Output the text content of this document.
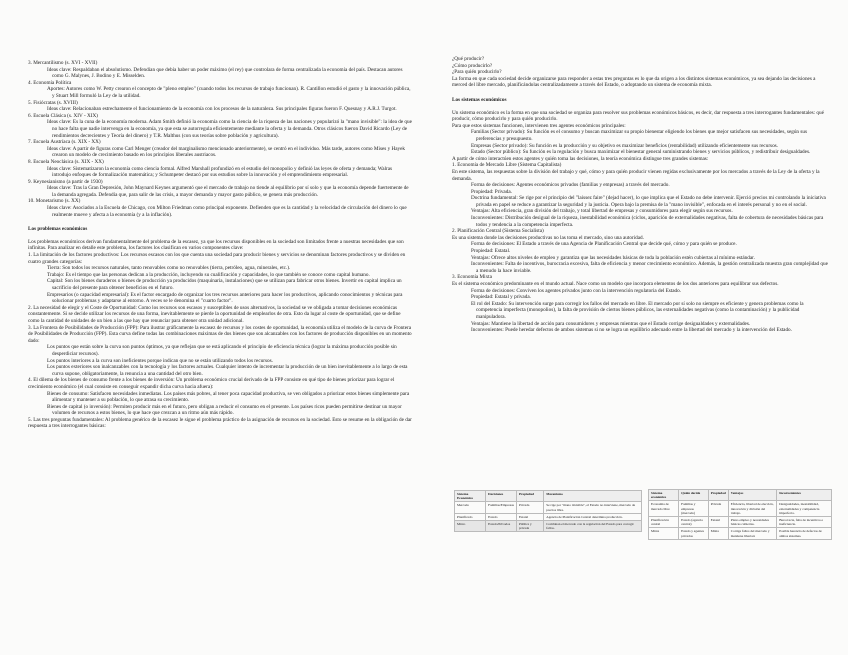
3. Mercantilismo (s. XVI - XVII)

Ideas clave: Respaldaban el absolutismo. Defendían que debía haber un poder máximo (el rey) que controlara de forma centralizada la economía del país. Destacan autores como G. Malynes, J. Bodino y E. Misselden.

4. Economía Política

Aportes: Autores como W. Petty crearon el concepto de "pleno empleo" (cuando todos los recursos de trabajo funcionan). R. Cantillon estudió el gasto y la innovación pública, y Stuart Mill formuló la Ley de la utilidad.

5. Fisiócratas (s. XVIII)

Ideas clave: Relacionaban estrechamente el funcionamiento de la economía con los procesos de la naturaleza. Sus principales figuras fueron F. Quesnay y A.R.J. Turgot.

6. Escuela Clásica (s. XIV - XIX)

Ideas clave: Es la cuna de la economía moderna. Adam Smith definió la economía como la ciencia de la riqueza de las naciones y popularizó la "mano invisible": la idea de que no hace falta que nadie intervenga en la economía, ya que esta se autorregula eficientemente mediante la oferta y la demanda. Otros clásicos fueron David Ricardo (Ley de rendimientos decrecientes y Teoría del dinero) y T.R. Malthus (con sus teorías sobre población y agricultura).

7. Escuela Austríaca (s. XIX - XX)

Ideas clave: A partir de figuras como Carl Menger (creador del marginalismo mencionado anteriormente), se centró en el individuo. Más tarde, autores como Mises y Hayek crearon un modelo de crecimiento basado en los principios liberales austriacos.

8. Escuela Neoclásica (s. XIX - XX)

Ideas clave: Sistematizaron la economía como ciencia formal. Alfred Marshall profundizó en el estudio del monopolio y definió las leyes de oferta y demanda; Walras introdujo enfoques de formalización matemática; y Schumpeter destacó por sus estudios sobre la innovación y el emprendimiento empresarial.

9. Keynesianismo (a partir de 1930)

Ideas clave: Tras la Gran Depresión, John Maynard Keynes argumentó que el mercado de trabajo no tiende al equilibrio por sí solo y que la economía depende fuertemente de la demanda agregada. Defendía que, para salir de las crisis, a mayor demanda y mayor gasto público, se genera más producción.

10. Monetarismo (s. XX)

Ideas clave: Asociados a la Escuela de Chicago, con Milton Friedman como principal exponente. Defienden que es la cantidad y la velocidad de circulación del dinero lo que realmente mueve y afecta a la economía (y a la inflación).

Los problemas económicos

Los problemas económicos derivan fundamentalmente del problema de la escasez, ya que los recursos disponibles en la sociedad son limitados frente a nuestras necesidades que son infinitas. Para analizar en detalle este problema, los factores los clasifican en varios componentes clave:

1. La limitación de los factores productivos: Los recursos escasos con los que cuenta una sociedad para producir bienes y servicios se denominan factores productivos y se dividen en cuatro grandes categorías:

Tierra: Son todos los recursos naturales, tanto renovables como no renovables (tierra, petróleo, agua, minerales, etc.).

Trabajo: Es el tiempo que las personas dedican a la producción, incluyendo su cualificación y capacidades, lo que también se conoce como capital humano.

Capital: Son los bienes duraderos o bienes de producción ya producidos (maquinaria, instalaciones) que se utilizan para fabricar otros bienes. Invertir en capital implica un sacrificio del presente para obtener beneficios en el futuro.

Empresarios (o capacidad empresarial): Es el factor encargado de organizar los tres recursos anteriores para hacer los productivos, aplicando conocimientos y técnicas para solucionar problemas y adaptarse al entorno. A veces se le denomina el "cuarto factor".

2. La necesidad de elegir y el Coste de Oportunidad: Como los recursos son escasos y susceptibles de usos alternativos, la sociedad se ve obligada a tomar decisiones económicas constantemente. Si se decide utilizar los recursos de una forma, inevitablemente se pierde la oportunidad de emplearlos de otra. Esto da lugar al coste de oportunidad, que se define como la cantidad de unidades de un bien a las que hay que renunciar para obtener otra unidad adicional.

3. La Frontera de Posibilidades de Producción (FPP): Para ilustrar gráficamente la escasez de recursos y los costes de oportunidad, la economía utiliza el modelo de la curva de Frontera de Posibilidades de Producción (FPP). Esta curva define todas las combinaciones máximas de dos bienes que son alcanzables con los factores de producción disponibles en un momento dado:

Los puntos que están sobre la curva son puntos óptimos, ya que reflejan que se está aplicando el principio de eficiencia técnica (lograr la máxima producción posible sin desperdiciar recursos).

Los puntos interiores a la curva son ineficientes porque indican que no se están utilizando todos los recursos.

Los puntos exteriores son inalcanzables con la tecnología y los factores actuales. Cualquier intento de incrementar la producción de un bien inevitablemente a lo largo de esta curva supone, obligatoriamente, la renuncia a una cantidad del otro bien.

4. El dilema de los bienes de consumo frente a los bienes de inversión: Un problema económico crucial derivado de la FPP consiste en qué tipo de bienes priorizar para lograr el crecimiento económico (el cual consiste en conseguir expandir dicha curva hacia afuera):

Bienes de consumo: Satisfacen necesidades inmediatas. Los países más pobres, al tener poca capacidad productiva, se ven obligados a priorizar estos bienes simplemente para alimentar y mantener a su población, lo que atrasa su crecimiento.

Bienes de capital (o inversión): Permiten producir más en el futuro, pero obligan a reducir el consumo en el presente. Los países ricos pueden permitirse destinar un mayor volumen de recursos a estos bienes, lo que hace que crezcan a un ritmo aún más rápido.

5. Las tres preguntas fundamentales: Al problema genérico de la escasez le sigue el problema práctico de la asignación de recursos en la sociedad. Esto se resume en la obligación de dar respuesta a tres interrogantes básicas:

¿Qué producir?

¿Cómo producirlo?

¿Para quién producirlo?

La forma en que cada sociedad decide organizarse para responder a estas tres preguntas es lo que da origen a los distintos sistemas económicos, ya sea dejando las decisiones a merced del libre mercado, planificándolas centralizadamente a través del Estado, o adoptando un sistema de economía mixta.

Los sistemas económicos

Un sistema económico es la forma en que una sociedad se organiza para resolver sus problemas económicos básicos, es decir, dar respuesta a tres interrogantes fundamentales: qué producir, cómo producirlo y para quién producirlo.

Para que estos sistemas funcionen, intervienen tres agentes económicos principales:

Familias (Sector privado): Su función es el consumo y buscan maximizar su propio bienestar eligiendo los bienes que mejor satisfacen sus necesidades, según sus preferencias y presupuesto.

Empresas (Sector privado): Su función es la producción y su objetivo es maximizar beneficios (rentabilidad) utilizando eficientemente sus recursos.

Estado (Sector público): Su función es la regulación y busca maximizar el bienestar general suministrando bienes y servicios públicos, y redistribuir desigualdades.

A partir de cómo interactúen estos agentes y quién toma las decisiones, la teoría económica distingue tres grandes sistemas:

1. Economía de Mercado Libre (Sistema Capitalista)

En este sistema, las respuestas sobre la división del trabajo y qué, cómo y para quién producir vienen regidas exclusivamente por los mercados a través de la Ley de la oferta y la demanda.

Forma de decisiones: Agentes económicos privados (familias y empresas) a través del mercado.

Propiedad: Privada.

Doctrina fundamental: Se rige por el principio del "laissez faire" (dejad hacer), lo que implica que el Estado no debe intervenir. Ejerció precios mi controlando la iniciativa privada en papel se reduce a garantizar la seguridad y la justicia. Opera bajo la premisa de la "mano invisible", enfocada en el interés personal y no en el social.

Ventajas: Alta eficiencia, gran división del trabajo, y total libertad de empresas y consumidores para elegir según sus recursos.

Inconvenientes: Distribución desigual de la riqueza, inestabilidad económica (ciclos, aparición de externalidades negativas, falta de cobertura de necesidades básicas para todos y tendencia a la competencia imperfecta.

2. Planificación Central (Sistema Socialista)

Es una sistema donde las decisiones productivas no las toma el mercado, sino una autoridad.

Forma de decisiones: El Estado a través de una Agencia de Planificación Central que decide qué, cómo y para quién se produce.

Propiedad: Estatal.

Ventajas: Ofrece altos niveles de empleo y garantiza que las necesidades básicas de toda la población estén cubiertas al mínimo estándar.

Inconvenientes: Falta de incentivos, burocracia excesiva, falta de eficiencia y menor crecimiento económico. Además, la gestión centralizada muestra gran complejidad que a menudo la hace inviable.

3. Economía Mixta

Es el sistema económico predominante en el mundo actual. Nace como un modelo que incorpora elementos de los dos anteriores para equilibrar sus defectos.

Forma de decisiones: Conviven los agentes privados junto con la intervención regulatoria del Estado.

Propiedad: Estatal y privada.

El rol del Estado: Su intervención surge para corregir los fallos del mercado en libre. El mercado por sí solo no siempre es eficiente y genera problemas como la competencia imperfecta (monopolios), la falta de provisión de ciertos bienes públicos, las externalidades negativas (como la contaminación) y la publicidad manipuladora.

Ventajas: Mantiene la libertad de acción para consumidores y empresas mientras que el Estado corrige desigualdades y externalidades.

Inconvenientes: Puede heredar defectos de ambos sistemas si no se logra un equilibrio adecuado entre la libertad del mercado y la intervención del Estado.

Sistema Económico	Decisiones	Propiedad	Mecanismo
Mercado	Familias/Empresas	Privada	Se rige por "mano invisible", el Estado no interviene, mercado de precios libre.
Planificado	Estado	Estatal	Agencia de Planificación Central determina producción.
Mixto	Estado/Privados	Pública y privada	Combinan el mercado con la regulación del Estado para corregir fallos.
Sistema económico	Quién decide	Propiedad	Ventajas	Inconvenientes
Economía de mercado libre	Familias y empresas (mercado)	Privada	Eficiencia, libertad de elección, innovación y división del trabajo.	Desigualdades, inestabilidad, externalidades y competencia imperfecta.
Planificación central	Estado (agencia central)	Estatal	Pleno empleo y necesidades básicas cubiertas.	Burocracia, falta de incentivos e ineficiencia.
Mixta	Estado y agentes privados	Mixta	Corrige fallos del mercado y mantiene libertad.	Posible herencia de defectos de ambos sistemas.
